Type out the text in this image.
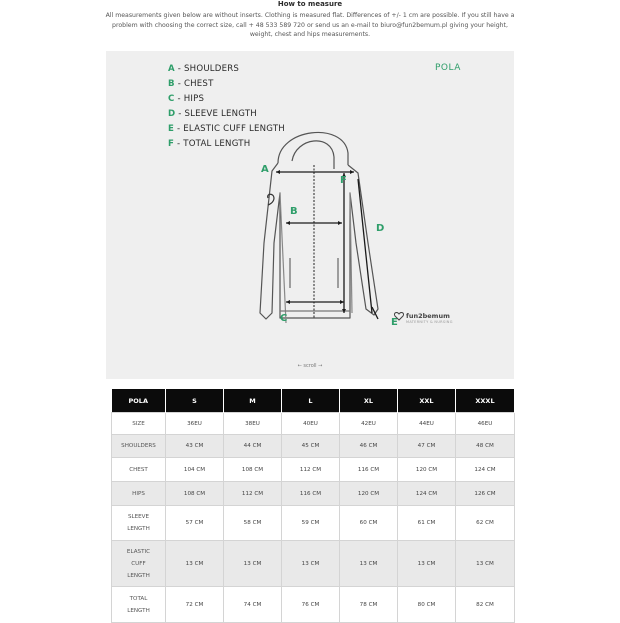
How to measure
All measurements given below are without inserts. Clothing is measured flat. Differences of +/- 1 cm are possible. If you still have a problem with choosing the correct size, call + 48 533 589 720 or send us an e-mail to biuro@fun2bemum.pl giving your height, weight, chest and hips measurements.
A - SHOULDERS
B - CHEST
C - HIPS
D - SLEEVE LENGTH
E - ELASTIC CUFF LENGTH
F - TOTAL LENGTH
POLA
A
B
C
D
E
F
fun2bemum
MATERNITY & NURSING
← scroll →
POLA	S	M	L	XL	XXL	XXXL
SIZE	36EU	38EU	40EU	42EU	44EU	46EU
SHOULDERS	43 CM	44 CM	45 CM	46 CM	47 CM	48 CM
CHEST	104 CM	108 CM	112 CM	116 CM	120 CM	124 CM
HIPS	108 CM	112 CM	116 CM	120 CM	124 CM	126 CM
SLEEVE LENGTH	57 CM	58 CM	59 CM	60 CM	61 CM	62 CM
ELASTIC CUFF LENGTH	13 CM	13 CM	13 CM	13 CM	13 CM	13 CM
TOTAL LENGTH	72 CM	74 CM	76 CM	78 CM	80 CM	82 CM
